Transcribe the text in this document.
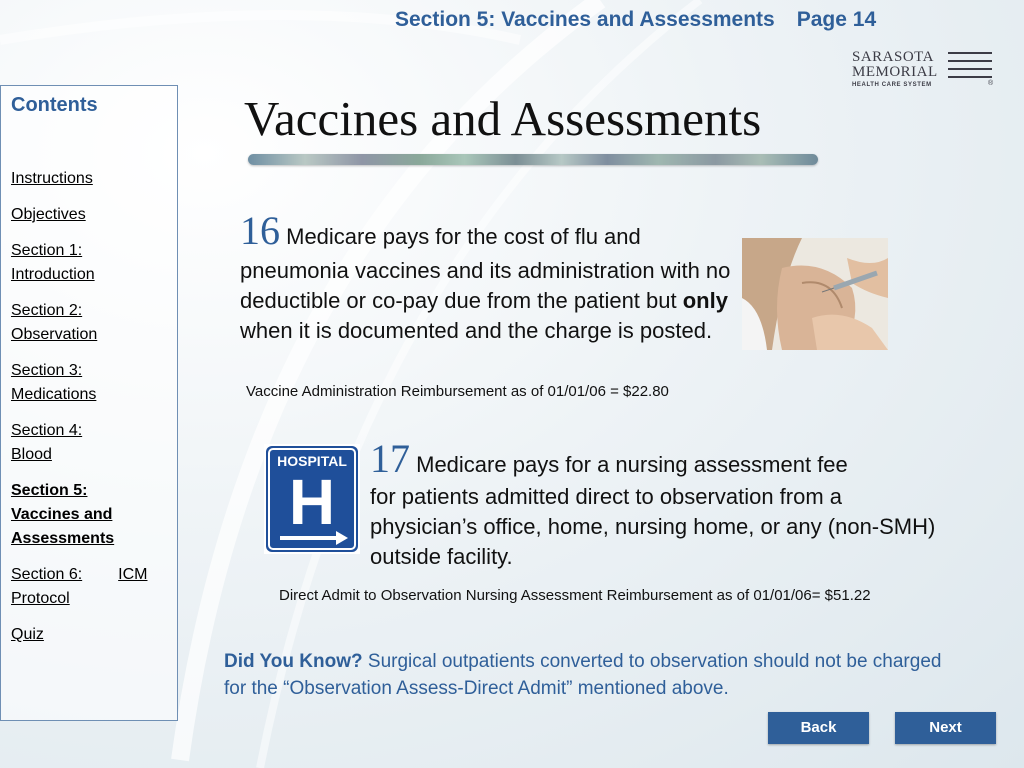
Section 5: Vaccines and Assessments Page 14
SARASOTA
MEMORIAL
HEALTH CARE SYSTEM	®
Contents
Instructions
Objectives
Section 1:
Introduction
Section 2:
Observation
Section 3:
Medications
Section 4:
Blood
Section 5:
Vaccines and
Assessments
Section 6: ICM
Protocol
Quiz
Vaccines and Assessments
16 Medicare pays for the cost of flu and
pneumonia vaccines and its administration with no deductible or co-pay due from the patient but only when it is documented and the charge is posted.
Vaccine Administration Reimbursement as of 01/01/06 = $22.80
HOSPITAL
H
17 Medicare pays for a nursing assessment fee
for patients admitted direct to observation from a physician’s office, home, nursing home, or any (non-SMH) outside facility.
Direct Admit to Observation Nursing Assessment Reimbursement as of 01/01/06= $51.22
Did You Know? Surgical outpatients converted to observation should not be charged for the “Observation Assess-Direct Admit” mentioned above.
Back	Next
